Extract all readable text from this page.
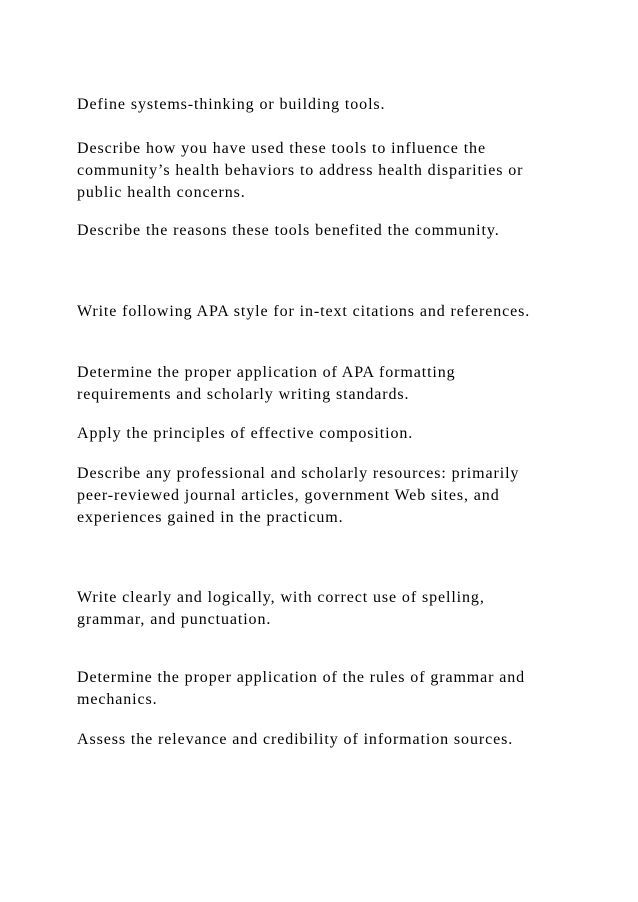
Define systems-thinking or building tools.

Describe how you have used these tools to influence the
community’s health behaviors to address health disparities or
public health concerns.

Describe the reasons these tools benefited the community.

Write following APA style for in-text citations and references.

Determine the proper application of APA formatting
requirements and scholarly writing standards.

Apply the principles of effective composition.

Describe any professional and scholarly resources: primarily
peer-reviewed journal articles, government Web sites, and
experiences gained in the practicum.

Write clearly and logically, with correct use of spelling,
grammar, and punctuation.

Determine the proper application of the rules of grammar and
mechanics.

Assess the relevance and credibility of information sources.
